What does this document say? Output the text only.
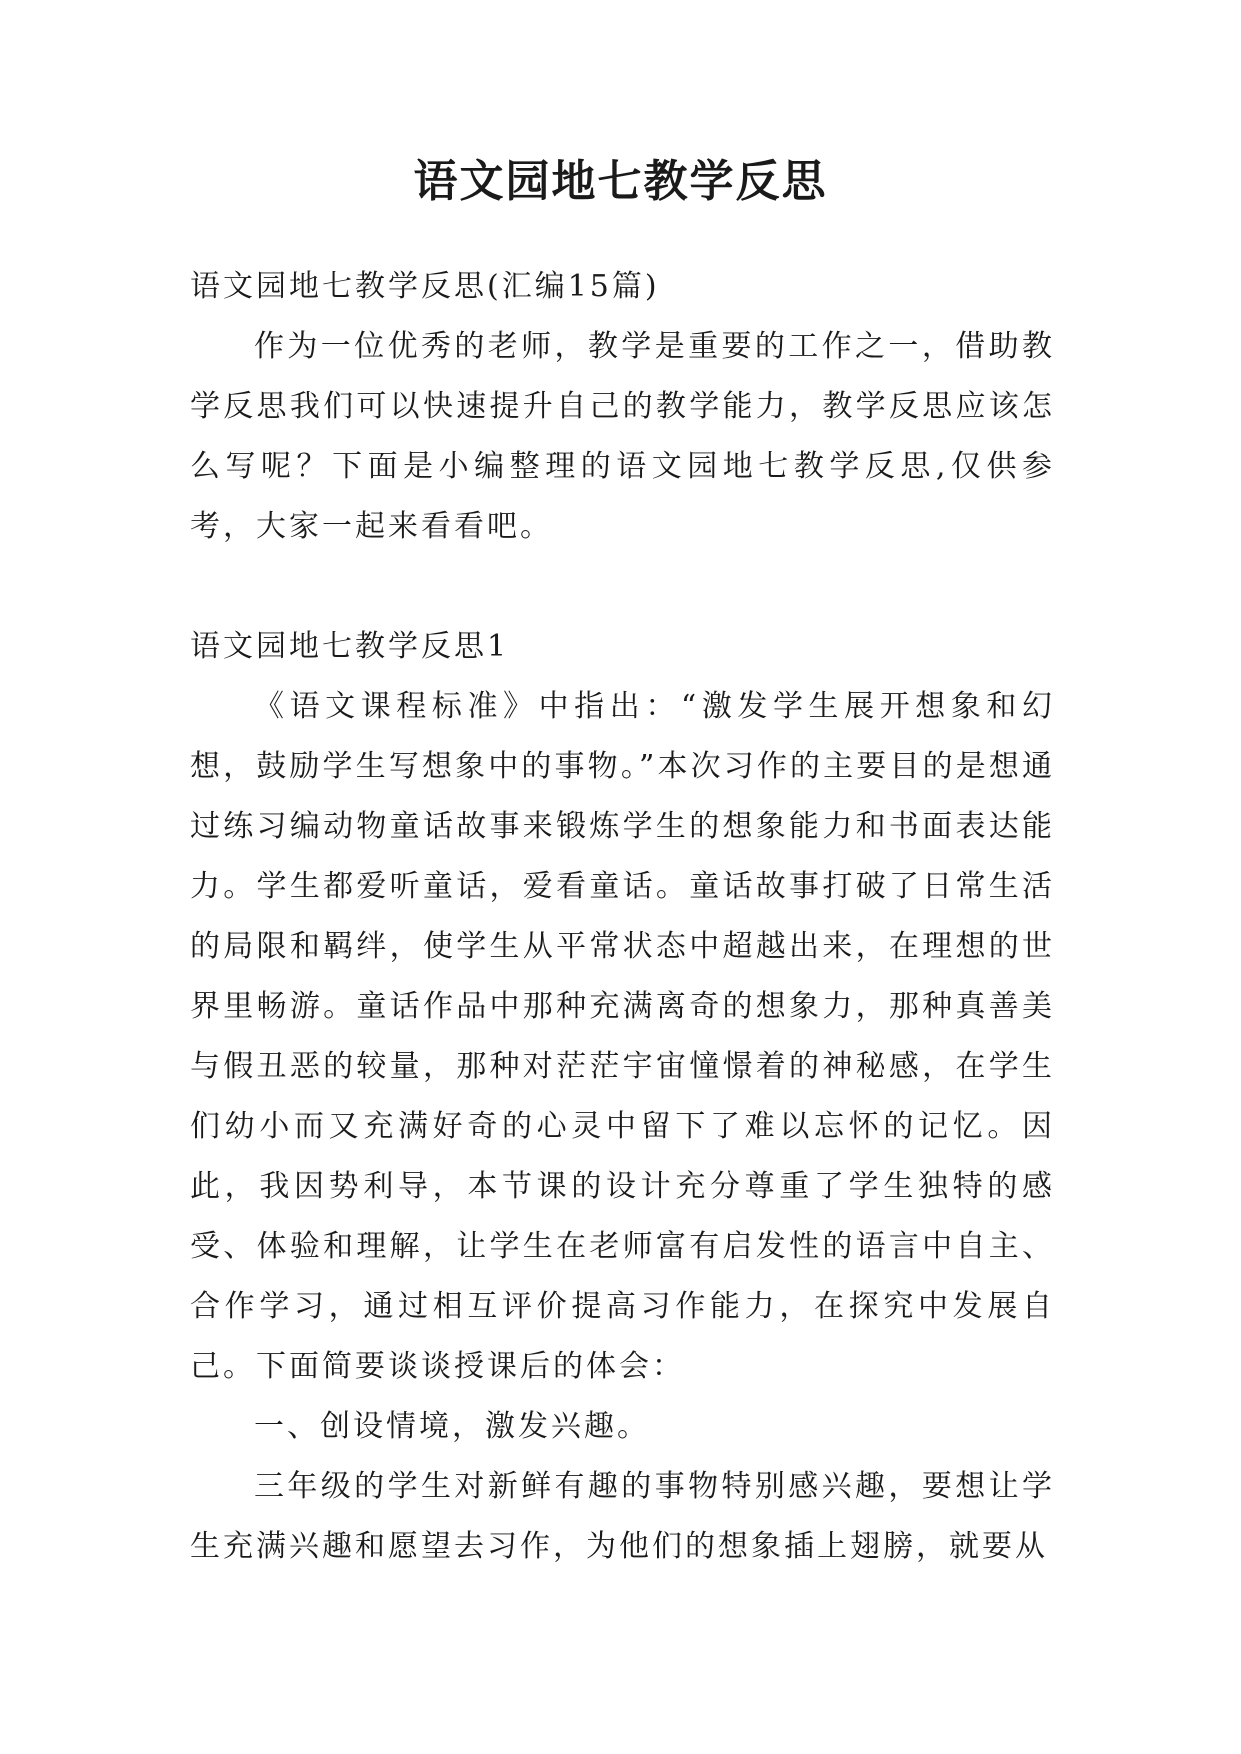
语文园地七教学反思

语文园地七教学反思(汇编15篇)

作为一位优秀的老师，教学是重要的工作之一，借助教学反思我们可以快速提升自己的教学能力，教学反思应该怎么写呢？下面是小编整理的语文园地七教学反思,仅供参考，大家一起来看看吧。

语文园地七教学反思1

《语文课程标准》中指出：“激发学生展开想象和幻想，鼓励学生写想象中的事物。”本次习作的主要目的是想通过练习编动物童话故事来锻炼学生的想象能力和书面表达能力。学生都爱听童话，爱看童话。童话故事打破了日常生活的局限和羁绊，使学生从平常状态中超越出来，在理想的世界里畅游。童话作品中那种充满离奇的想象力，那种真善美与假丑恶的较量，那种对茫茫宇宙憧憬着的神秘感，在学生们幼小而又充满好奇的心灵中留下了难以忘怀的记忆。因此，我因势利导，本节课的设计充分尊重了学生独特的感受、体验和理解，让学生在老师富有启发性的语言中自主、合作学习，通过相互评价提高习作能力，在探究中发展自己。下面简要谈谈授课后的体会：

一、创设情境，激发兴趣。

三年级的学生对新鲜有趣的事物特别感兴趣，要想让学生充满兴趣和愿望去习作，为他们的想象插上翅膀，就要从
